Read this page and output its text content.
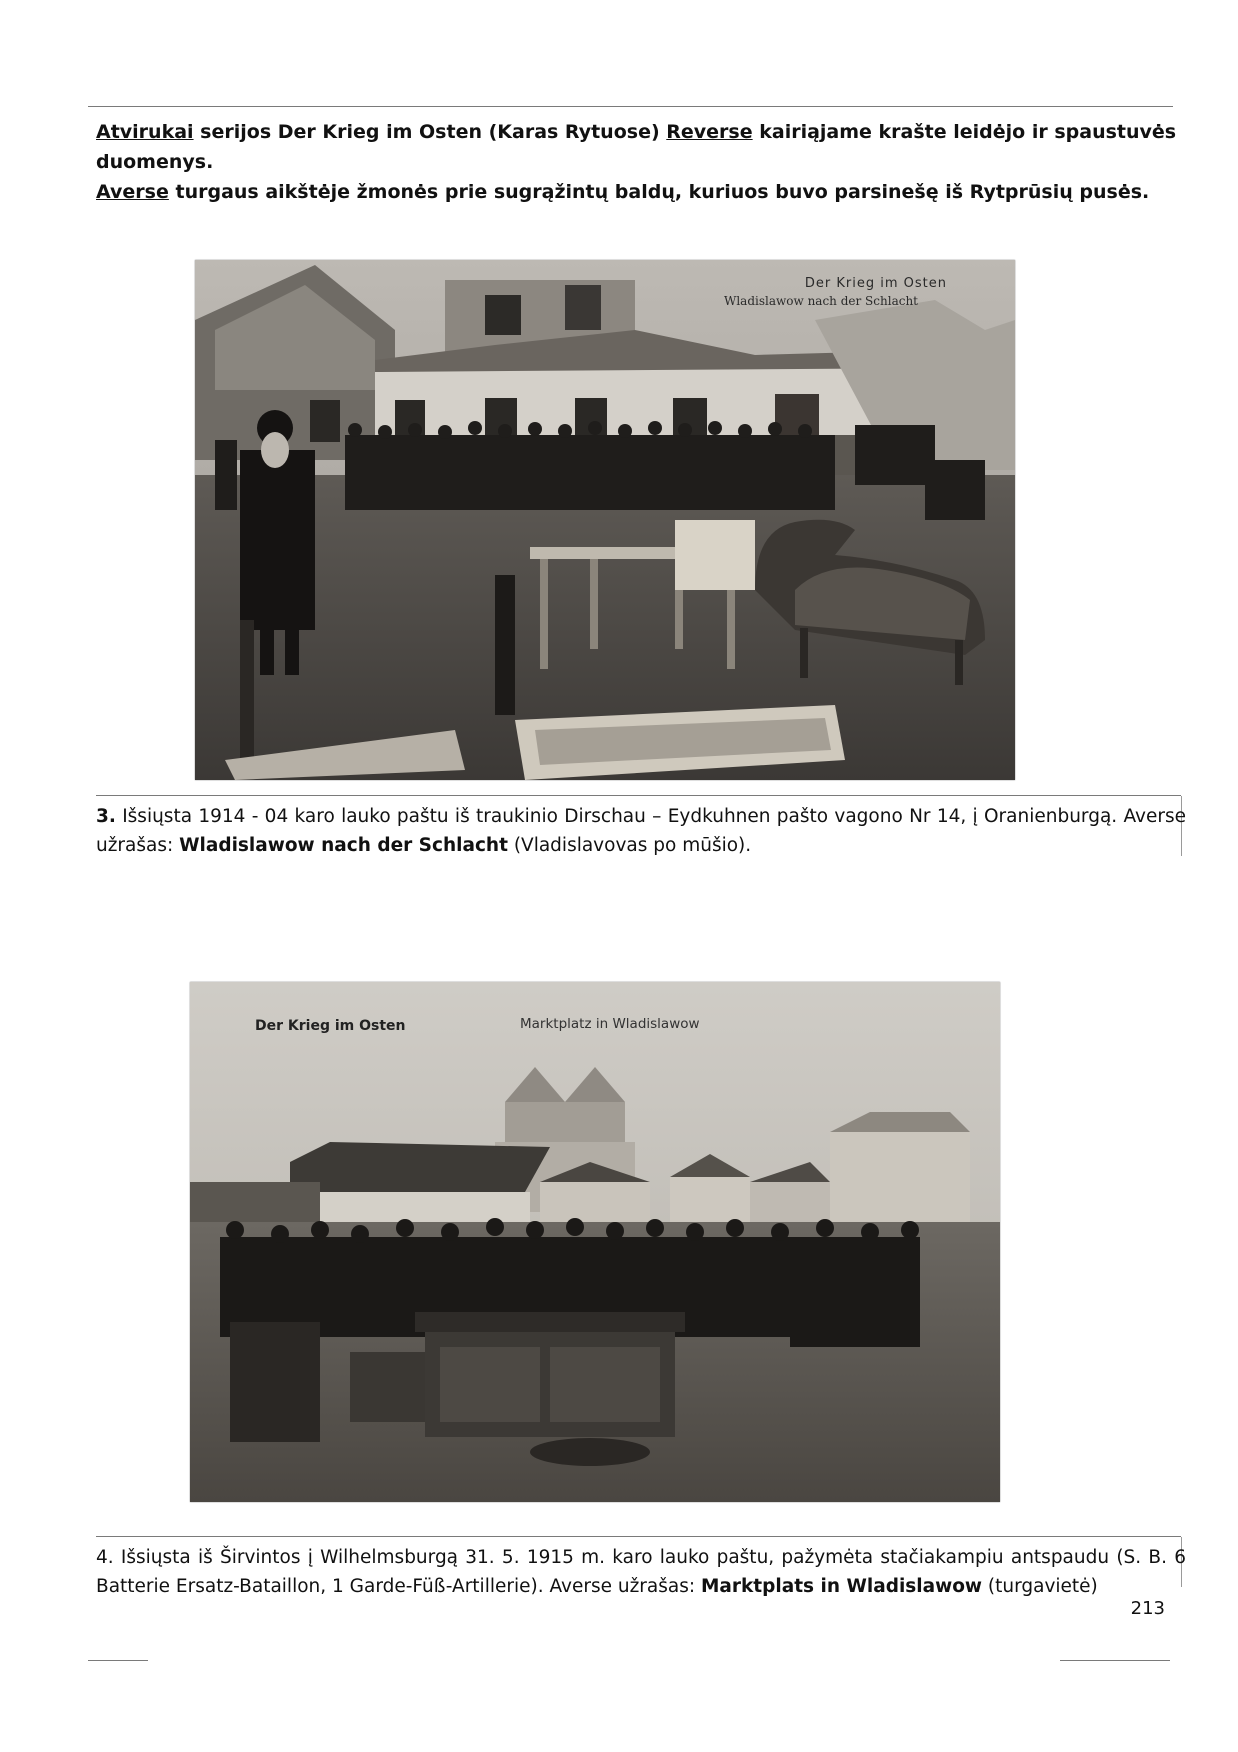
Atvirukai serijos Der Krieg im Osten (Karas Rytuose) Reverse kairiąjame krašte leidėjo ir spaustuvės duomenys.
Averse turgaus aikštėje žmonės prie sugrąžintų baldų, kuriuos buvo parsinešę iš Rytprūsių pusės.
Der Krieg im Osten
Wladislawow nach der Schlacht
3. Išsiųsta 1914 - 04 karo lauko paštu iš traukinio Dirschau – Eydkuhnen pašto vagono Nr 14, į Oranienburgą. Averse užrašas: Wladislawow nach der Schlacht (Vladislavovas po mūšio).
Der Krieg im Osten	Marktplatz in Wladislawow
4. Išsiųsta iš Širvintos į Wilhelmsburgą 31. 5. 1915 m. karo lauko paštu, pažymėta stačiakampiu antspaudu (S. B. 6 Batterie Ersatz-Bataillon, 1 Garde-Füß-Artillerie). Averse užrašas: Marktplats in Wladislawow (turgavietė)
213
